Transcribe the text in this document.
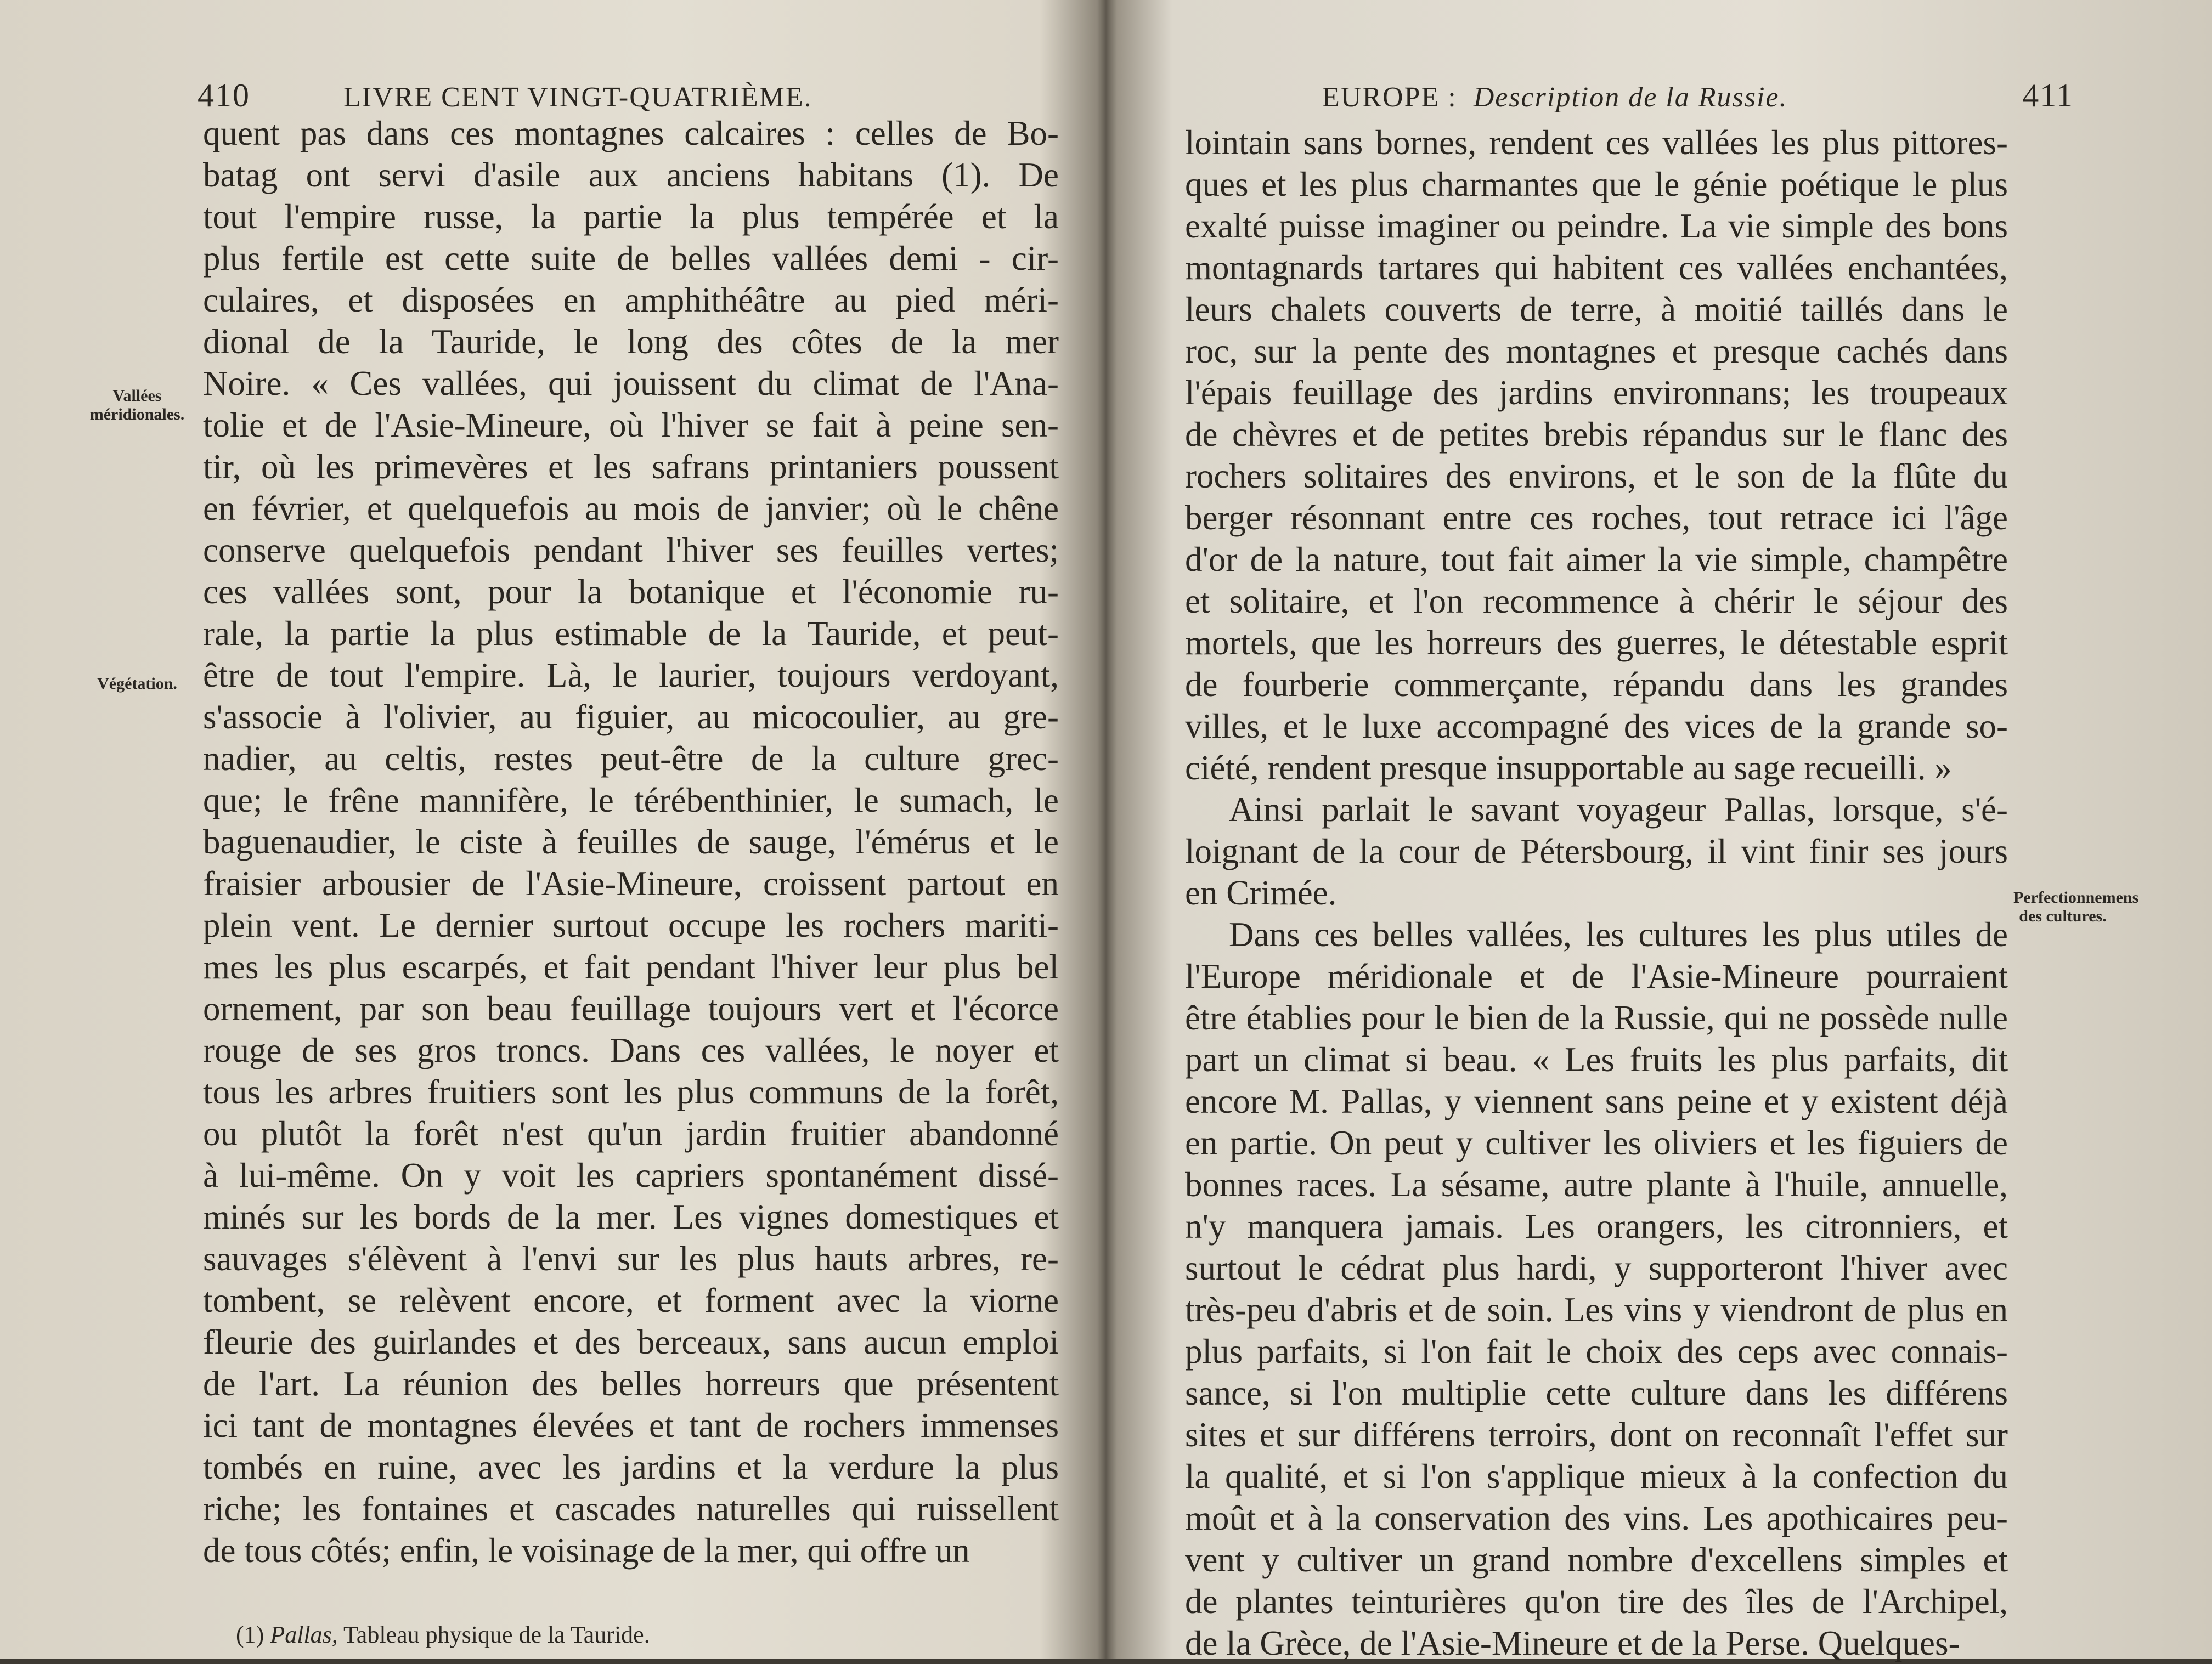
410	LIVRE CENT VINGT-QUATRIÈME.
Vallées méridionales.
Végétation.
quent pas dans ces montagnes calcaires : celles de Bo-
batag ont servi d'asile aux anciens habitans (1). De
tout l'empire russe, la partie la plus tempérée et la
plus fertile est cette suite de belles vallées demi - cir-
culaires, et disposées en amphithéâtre au pied méri-
dional de la Tauride, le long des côtes de la mer
Noire. « Ces vallées, qui jouissent du climat de l'Ana-
tolie et de l'Asie-Mineure, où l'hiver se fait à peine sen-
tir, où les primevères et les safrans printaniers poussent
en février, et quelquefois au mois de janvier; où le chêne
conserve quelquefois pendant l'hiver ses feuilles vertes;
ces vallées sont, pour la botanique et l'économie ru-
rale, la partie la plus estimable de la Tauride, et peut-
être de tout l'empire. Là, le laurier, toujours verdoyant,
s'associe à l'olivier, au figuier, au micocoulier, au gre-
nadier, au celtis, restes peut-être de la culture grec-
que; le frêne mannifère, le térébenthinier, le sumach, le
baguenaudier, le ciste à feuilles de sauge, l'émérus et le
fraisier arbousier de l'Asie-Mineure, croissent partout en
plein vent. Le dernier surtout occupe les rochers mariti-
mes les plus escarpés, et fait pendant l'hiver leur plus bel
ornement, par son beau feuillage toujours vert et l'écorce
rouge de ses gros troncs. Dans ces vallées, le noyer et
tous les arbres fruitiers sont les plus communs de la forêt,
ou plutôt la forêt n'est qu'un jardin fruitier abandonné
à lui-même. On y voit les capriers spontanément dissé-
minés sur les bords de la mer. Les vignes domestiques et
sauvages s'élèvent à l'envi sur les plus hauts arbres, re-
tombent, se relèvent encore, et forment avec la viorne
fleurie des guirlandes et des berceaux, sans aucun emploi
de l'art. La réunion des belles horreurs que présentent
ici tant de montagnes élevées et tant de rochers immenses
tombés en ruine, avec les jardins et la verdure la plus
riche; les fontaines et cascades naturelles qui ruissellent
de tous côtés; enfin, le voisinage de la mer, qui offre un
(1) Pallas, Tableau physique de la Tauride.
EUROPE : Description de la Russie.	411
Perfectionnemens des cultures.
lointain sans bornes, rendent ces vallées les plus pittores-
ques et les plus charmantes que le génie poétique le plus
exalté puisse imaginer ou peindre. La vie simple des bons
montagnards tartares qui habitent ces vallées enchantées,
leurs chalets couverts de terre, à moitié taillés dans le
roc, sur la pente des montagnes et presque cachés dans
l'épais feuillage des jardins environnans; les troupeaux
de chèvres et de petites brebis répandus sur le flanc des
rochers solitaires des environs, et le son de la flûte du
berger résonnant entre ces roches, tout retrace ici l'âge
d'or de la nature, tout fait aimer la vie simple, champêtre
et solitaire, et l'on recommence à chérir le séjour des
mortels, que les horreurs des guerres, le détestable esprit
de fourberie commerçante, répandu dans les grandes
villes, et le luxe accompagné des vices de la grande so-
ciété, rendent presque insupportable au sage recueilli. »
Ainsi parlait le savant voyageur Pallas, lorsque, s'é-
loignant de la cour de Pétersbourg, il vint finir ses jours
en Crimée.
Dans ces belles vallées, les cultures les plus utiles de
l'Europe méridionale et de l'Asie-Mineure pourraient
être établies pour le bien de la Russie, qui ne possède nulle
part un climat si beau. « Les fruits les plus parfaits, dit
encore M. Pallas, y viennent sans peine et y existent déjà
en partie. On peut y cultiver les oliviers et les figuiers de
bonnes races. La sésame, autre plante à l'huile, annuelle,
n'y manquera jamais. Les orangers, les citronniers, et
surtout le cédrat plus hardi, y supporteront l'hiver avec
très-peu d'abris et de soin. Les vins y viendront de plus en
plus parfaits, si l'on fait le choix des ceps avec connais-
sance, si l'on multiplie cette culture dans les différens
sites et sur différens terroirs, dont on reconnaît l'effet sur
la qualité, et si l'on s'applique mieux à la confection du
moût et à la conservation des vins. Les apothicaires peu-
vent y cultiver un grand nombre d'excellens simples et
de plantes teinturières qu'on tire des îles de l'Archipel,
de la Grèce, de l'Asie-Mineure et de la Perse. Quelques-
